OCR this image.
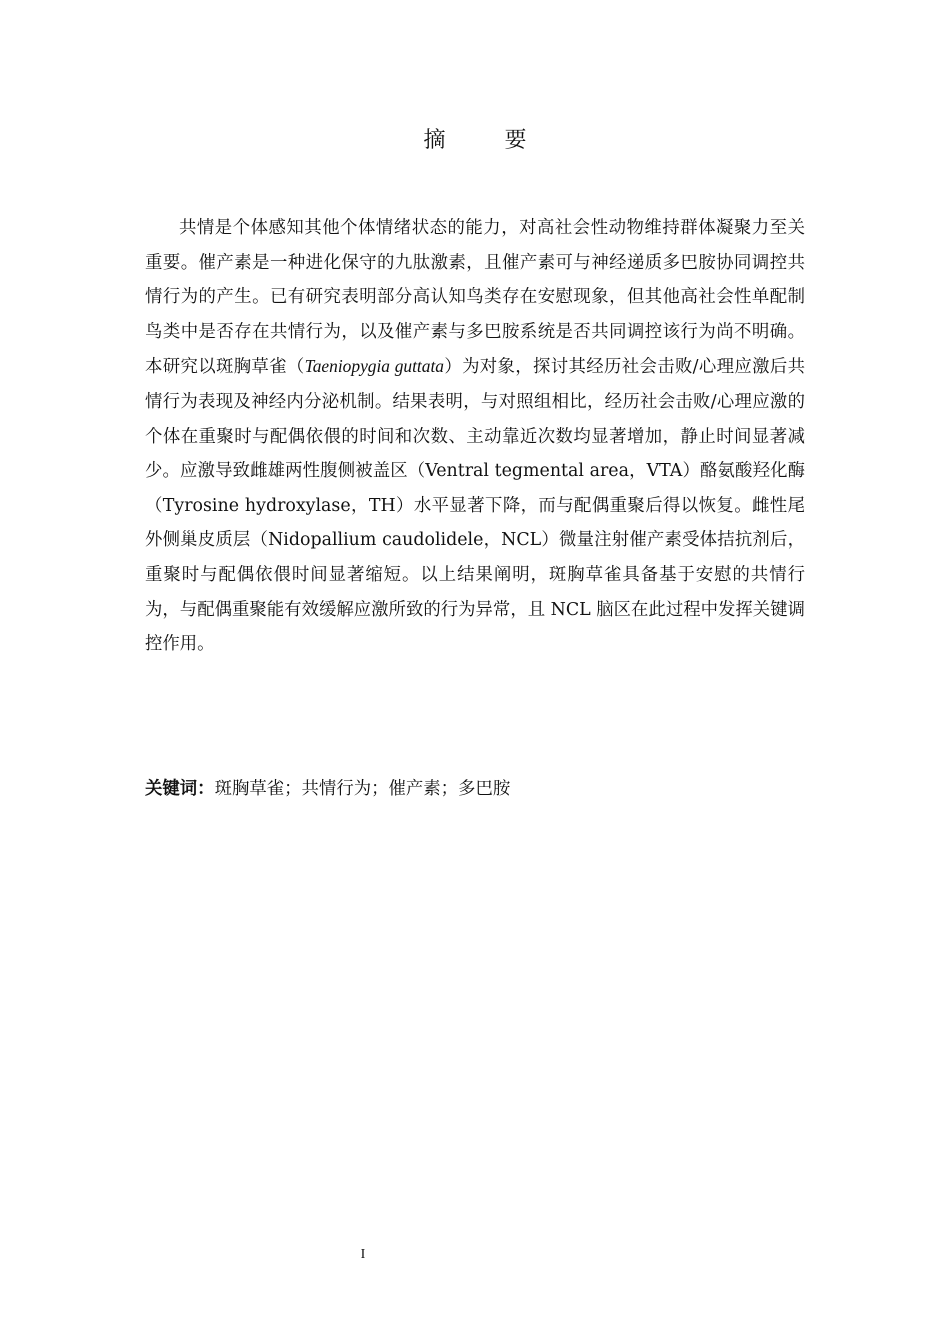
摘 要

共情是个体感知其他个体情绪状态的能力，对高社会性动物维持群体凝聚力至关重要。催产素是一种进化保守的九肽激素，且催产素可与神经递质多巴胺协同调控共情行为的产生。已有研究表明部分高认知鸟类存在安慰现象，但其他高社会性单配制鸟类中是否存在共情行为，以及催产素与多巴胺系统是否共同调控该行为尚不明确。本研究以斑胸草雀（Taeniopygia guttata）为对象，探讨其经历社会击败/心理应激后共情行为表现及神经内分泌机制。结果表明，与对照组相比，经历社会击败/心理应激的个体在重聚时与配偶依偎的时间和次数、主动靠近次数均显著增加，静止时间显著减少。应激导致雌雄两性腹侧被盖区（Ventral tegmental area，VTA）酪氨酸羟化酶（Tyrosine hydroxylase，TH）水平显著下降，而与配偶重聚后得以恢复。雌性尾外侧巢皮质层（Nidopallium caudolidele，NCL）微量注射催产素受体拮抗剂后，重聚时与配偶依偎时间显著缩短。以上结果阐明，斑胸草雀具备基于安慰的共情行为，与配偶重聚能有效缓解应激所致的行为异常，且 NCL 脑区在此过程中发挥关键调控作用。

关键词：斑胸草雀；共情行为；催产素；多巴胺

I
